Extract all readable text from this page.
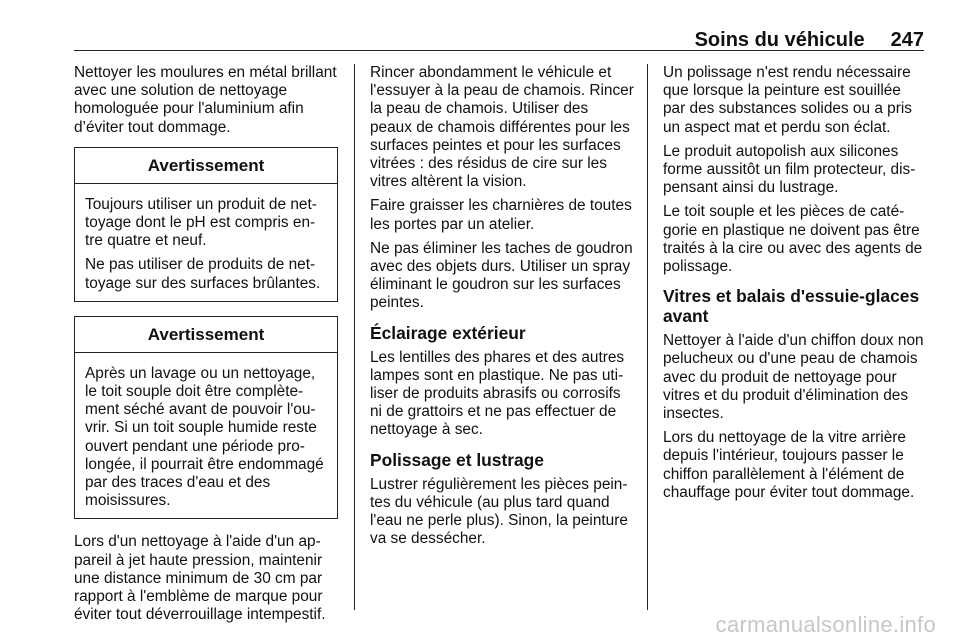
Soins du véhicule 247

Nettoyer les moulures en métal brillant avec une solution de nettoyage homologuée pour l'aluminium afin d’éviter tout dommage.

Avertissement

Toujours utiliser un produit de nettoyage dont le pH est compris entre quatre et neuf.

Ne pas utiliser de produits de nettoyage sur des surfaces brûlantes.

Avertissement

Après un lavage ou un nettoyage, le toit souple doit être complètement séché avant de pouvoir l'ouvrir. Si un toit souple humide reste ouvert pendant une période prolongée, il pourrait être endommagé par des traces d'eau et des moisissures.

Lors d'un nettoyage à l'aide d'un appareil à jet haute pression, maintenir une distance minimum de 30 cm par rapport à l'emblème de marque pour éviter tout déverrouillage intempestif.

Rincer abondamment le véhicule et l'essuyer à la peau de chamois. Rincer la peau de chamois. Utiliser des peaux de chamois différentes pour les surfaces peintes et pour les surfaces vitrées : des résidus de cire sur les vitres altèrent la vision.

Faire graisser les charnières de toutes les portes par un atelier.

Ne pas éliminer les taches de goudron avec des objets durs. Utiliser un spray éliminant le goudron sur les surfaces peintes.

Éclairage extérieur

Les lentilles des phares et des autres lampes sont en plastique. Ne pas utiliser de produits abrasifs ou corrosifs ni de grattoirs et ne pas effectuer de nettoyage à sec.

Polissage et lustrage

Lustrer régulièrement les pièces peintes du véhicule (au plus tard quand l'eau ne perle plus). Sinon, la peinture va se dessécher.

Un polissage n'est rendu nécessaire que lorsque la peinture est souillée par des substances solides ou a pris un aspect mat et perdu son éclat.

Le produit autopolish aux silicones forme aussitôt un film protecteur, dispensant ainsi du lustrage.

Le toit souple et les pièces de catégorie en plastique ne doivent pas être traités à la cire ou avec des agents de polissage.

Vitres et balais d'essuie-glaces avant

Nettoyer à l'aide d'un chiffon doux non pelucheux ou d'une peau de chamois avec du produit de nettoyage pour vitres et du produit d'élimination des insectes.

Lors du nettoyage de la vitre arrière depuis l'intérieur, toujours passer le chiffon parallèlement à l'élément de chauffage pour éviter tout dommage.

carmanualsonline.info
